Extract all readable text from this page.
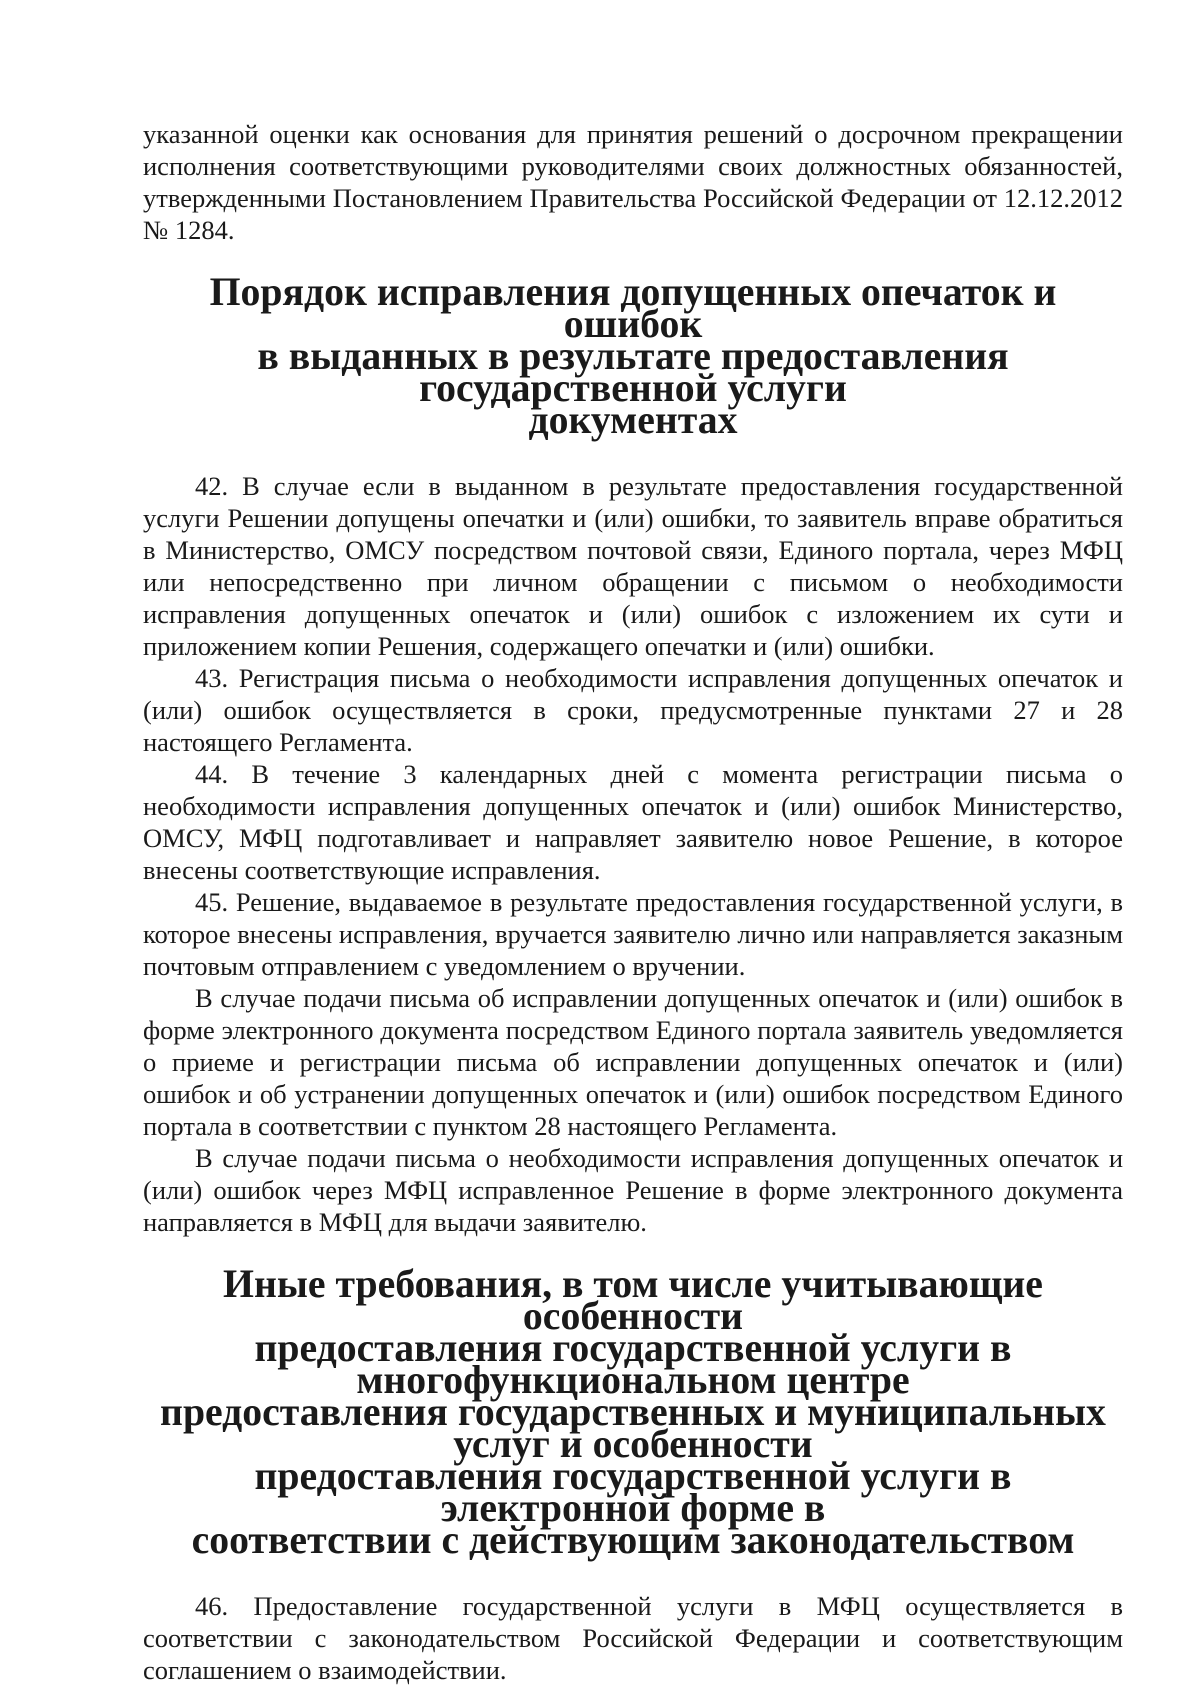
указанной оценки как основания для принятия решений о досрочном прекращении исполнения соответствующими руководителями своих должностных обязанностей, утвержденными Постановлением Правительства Российской Федерации от 12.12.2012 № 1284.

Порядок исправления допущенных опечаток и ошибок
в выданных в результате предоставления государственной услуги
документах

42. В случае если в выданном в результате предоставления государственной услуги Решении допущены опечатки и (или) ошибки, то заявитель вправе обратиться в Министерство, ОМСУ посредством почтовой связи, Единого портала, через МФЦ или непосредственно при личном обращении с письмом о необходимости исправления допущенных опечаток и (или) ошибок с изложением их сути и приложением копии Решения, содержащего опечатки и (или) ошибки.

43. Регистрация письма о необходимости исправления допущенных опечаток и (или) ошибок осуществляется в сроки, предусмотренные пунктами 27 и 28 настоящего Регламента.

44. В течение 3 календарных дней с момента регистрации письма о необходимости исправления допущенных опечаток и (или) ошибок Министерство, ОМСУ, МФЦ подготавливает и направляет заявителю новое Решение, в которое внесены соответствующие исправления.

45. Решение, выдаваемое в результате предоставления государственной услуги, в которое внесены исправления, вручается заявителю лично или направляется заказным почтовым отправлением с уведомлением о вручении.

В случае подачи письма об исправлении допущенных опечаток и (или) ошибок в форме электронного документа посредством Единого портала заявитель уведомляется о приеме и регистрации письма об исправлении допущенных опечаток и (или) ошибок и об устранении допущенных опечаток и (или) ошибок посредством Единого портала в соответствии с пунктом 28 настоящего Регламента.

В случае подачи письма о необходимости исправления допущенных опечаток и (или) ошибок через МФЦ исправленное Решение в форме электронного документа направляется в МФЦ для выдачи заявителю.

Иные требования, в том числе учитывающие особенности
предоставления государственной услуги в многофункциональном центре
предоставления государственных и муниципальных услуг и особенности
предоставления государственной услуги в электронной форме в
соответствии с действующим законодательством

46. Предоставление государственной услуги в МФЦ осуществляется в соответствии с законодательством Российской Федерации и соответствующим соглашением о взаимодействии.
